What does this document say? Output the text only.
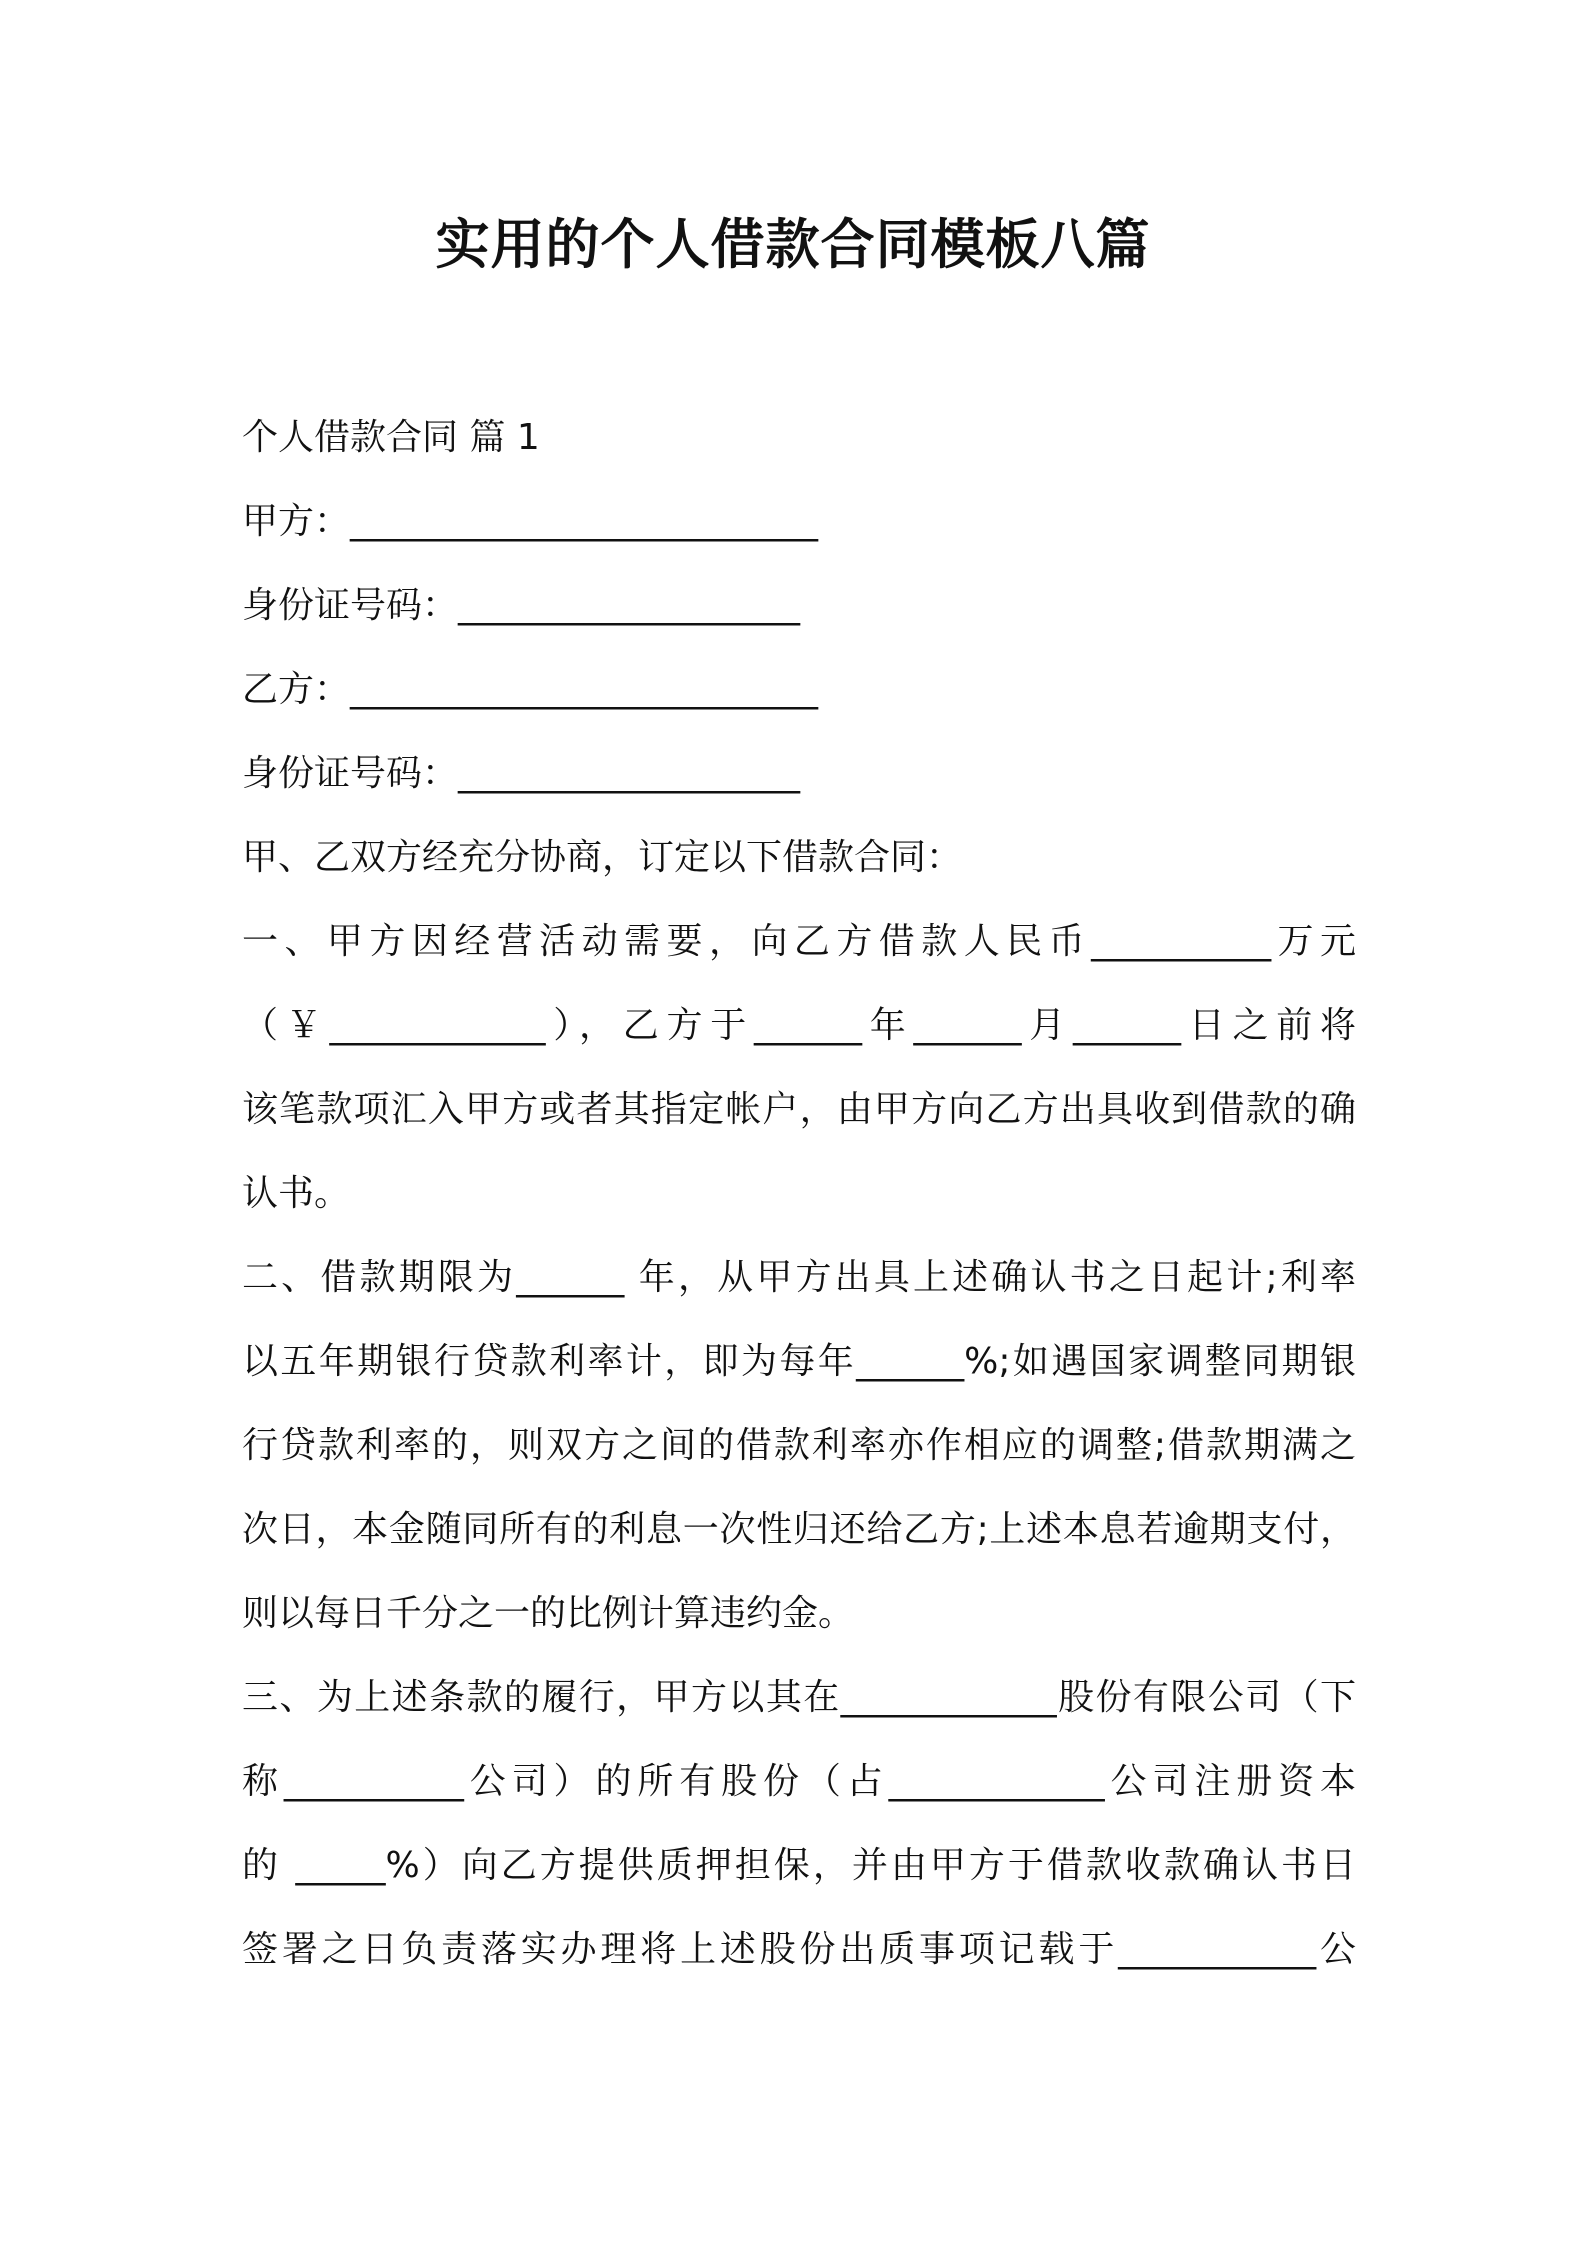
实用的个人借款合同模板八篇
个人借款合同 篇 1
甲方：__________________________
身份证号码：___________________
乙方：__________________________
身份证号码：___________________
甲、乙双方经充分协商，订定以下借款合同：
一、甲方因经营活动需要，向乙方借款人民币__________万元
（￥____________），乙方于______年______月______日之前将
该笔款项汇入甲方或者其指定帐户，由甲方向乙方出具收到借款的确
认书。
二、借款期限为______ 年，从甲方出具上述确认书之日起计;利率
以五年期银行贷款利率计，即为每年______%;如遇国家调整同期银
行贷款利率的，则双方之间的借款利率亦作相应的调整;借款期满之
次日，本金随同所有的利息一次性归还给乙方;上述本息若逾期支付，
则以每日千分之一的比例计算违约金。
三、为上述条款的履行，甲方以其在____________股份有限公司（下
称__________公司）的所有股份（占____________公司注册资本
的 _____%）向乙方提供质押担保，并由甲方于借款收款确认书日
签署之日负责落实办理将上述股份出质事项记载于___________公
